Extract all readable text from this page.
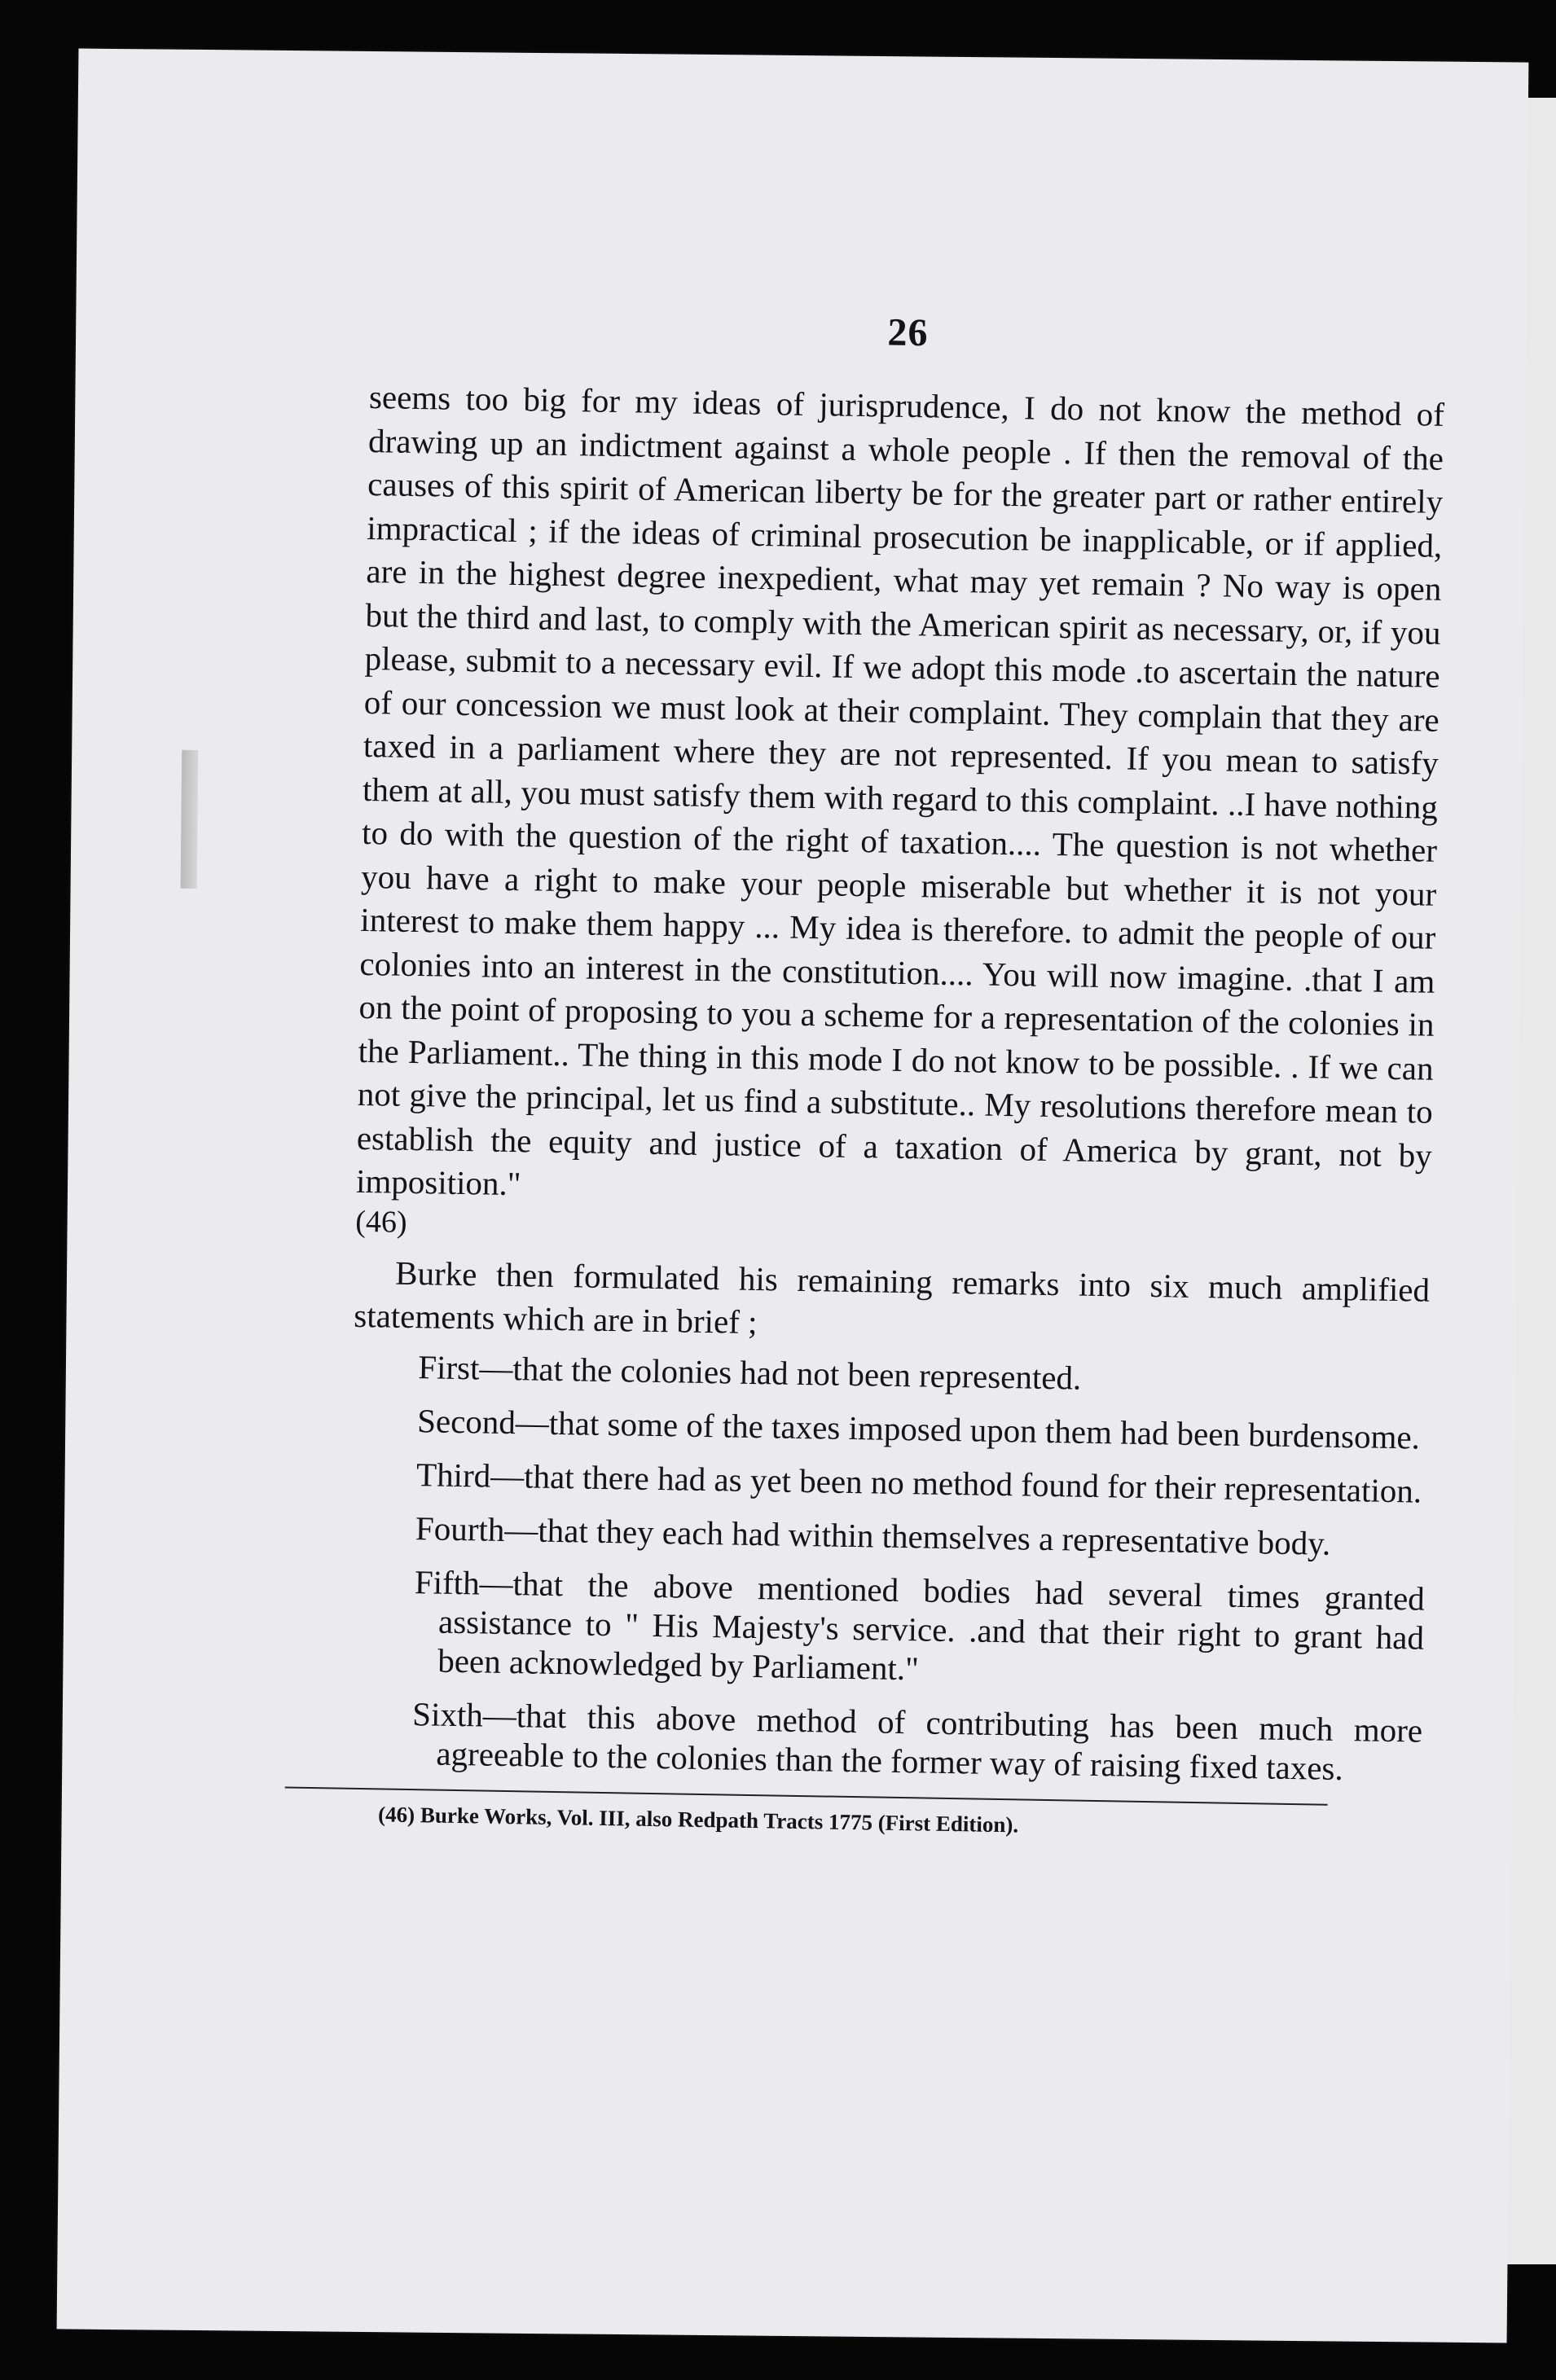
26

seems too big for my ideas of jurisprudence, I do not know the method of drawing up an indictment against a whole people . If then the removal of the causes of this spirit of American liberty be for the greater part or rather entirely impractical ; if the ideas of criminal prosecution be inapplicable, or if applied, are in the highest degree inexpedient, what may yet remain ? No way is open but the third and last, to comply with the American spirit as necessary, or, if you please, submit to a necessary evil. If we adopt this mode .to ascertain the nature of our concession we must look at their complaint. They complain that they are taxed in a parliament where they are not represented. If you mean to satisfy them at all, you must satisfy them with regard to this complaint. ..I have nothing to do with the question of the right of taxation.... The question is not whether you have a right to make your people miserable but whether it is not your interest to make them happy ... My idea is therefore. to admit the people of our colonies into an interest in the constitution.... You will now imagine. .that I am on the point of proposing to you a scheme for a representation of the colonies in the Parliament.. The thing in this mode I do not know to be possible. . If we can not give the principal, let us find a substitute.. My resolutions therefore mean to establish the equity and justice of a taxation of America by grant, not by imposition."
(46)

Burke then formulated his remaining remarks into six much amplified statements which are in brief ;

First—that the colonies had not been represented.
Second—that some of the taxes imposed upon them had been burdensome.
Third—that there had as yet been no method found for their representation.
Fourth—that they each had within themselves a representative body.
Fifth—that the above mentioned bodies had several times granted assistance to " His Majesty's service. .and that their right to grant had been acknowledged by Parliament."
Sixth—that this above method of contributing has been much more agreeable to the colonies than the former way of raising fixed taxes.
(46) Burke Works, Vol. III, also Redpath Tracts 1775 (First Edition).
